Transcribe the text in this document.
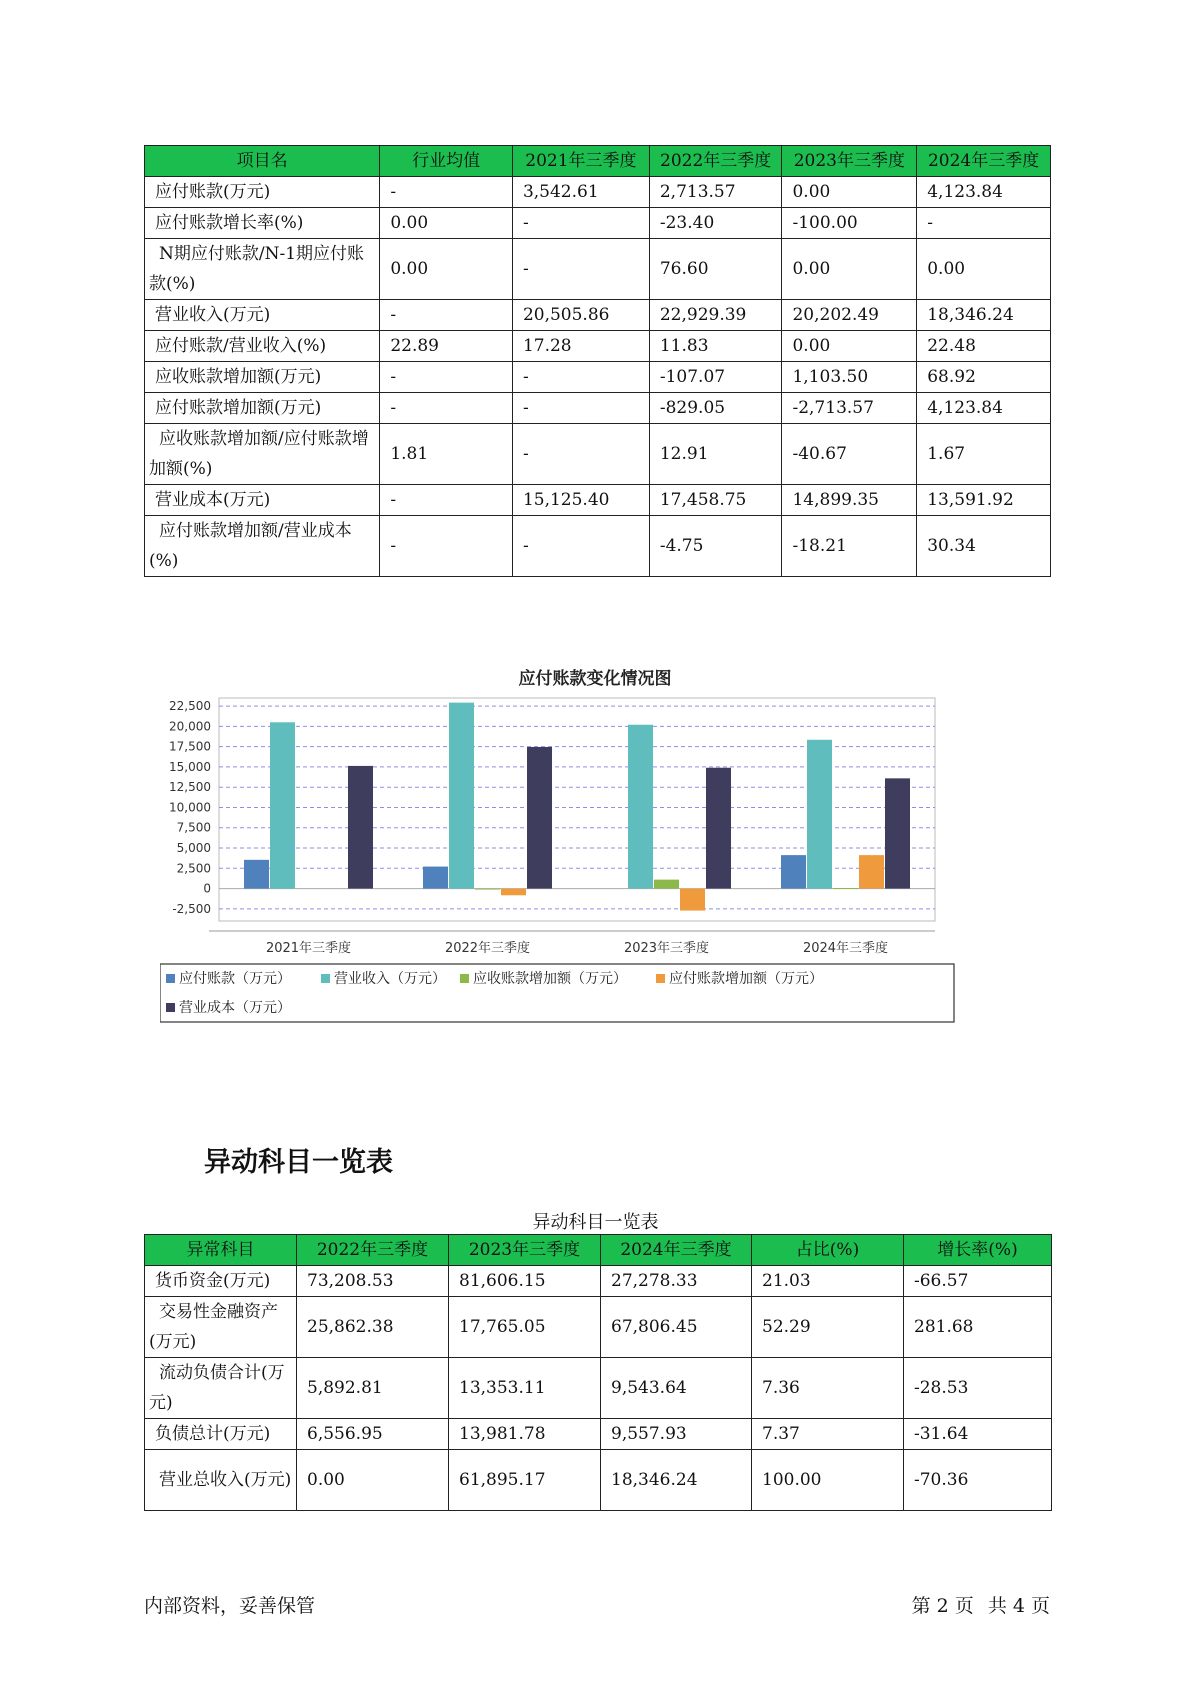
项目名	行业均值	2021年三季度	2022年三季度	2023年三季度	2024年三季度
应付账款(万元)	-	3,542.61	2,713.57	0.00	4,123.84
应付账款增长率(%)	0.00	-	-23.40	-100.00	-
N期应付账款/N-1期应付账款(%)	0.00	-	76.60	0.00	0.00
营业收入(万元)	-	20,505.86	22,929.39	20,202.49	18,346.24
应付账款/营业收入(%)	22.89	17.28	11.83	0.00	22.48
应收账款增加额(万元)	-	-	-107.07	1,103.50	68.92
应付账款增加额(万元)	-	-	-829.05	-2,713.57	4,123.84
应收账款增加额/应付账款增加额(%)	1.81	-	12.91	-40.67	1.67
营业成本(万元)	-	15,125.40	17,458.75	14,899.35	13,591.92
应付账款增加额/营业成本(%)	-	-	-4.75	-18.21	30.34
应付账款变化情况图
22,500
20,000
17,500
15,000
12,500
10,000
7,500
5,000
2,500
0
-2,500
2021年三季度	2022年三季度	2023年三季度	2024年三季度
应付账款（万元）	营业收入（万元） 应收账款增加额（万元）	应付账款增加额（万元）
营业成本（万元）
异动科目一览表
异动科目一览表
异常科目	2022年三季度	2023年三季度	2024年三季度	占比(%)	增长率(%)
货币资金(万元)	73,208.53	81,606.15	27,278.33	21.03	-66.57
交易性金融资产(万元)	25,862.38	17,765.05	67,806.45	52.29	281.68
流动负债合计(万元)	5,892.81	13,353.11	9,543.64	7.36	-28.53
负债总计(万元)	6,556.95	13,981.78	9,557.93	7.37	-31.64
营业总收入(万元)	0.00	61,895.17	18,346.24	100.00	-70.36
内部资料，妥善保管	第 2 页 共 4 页
